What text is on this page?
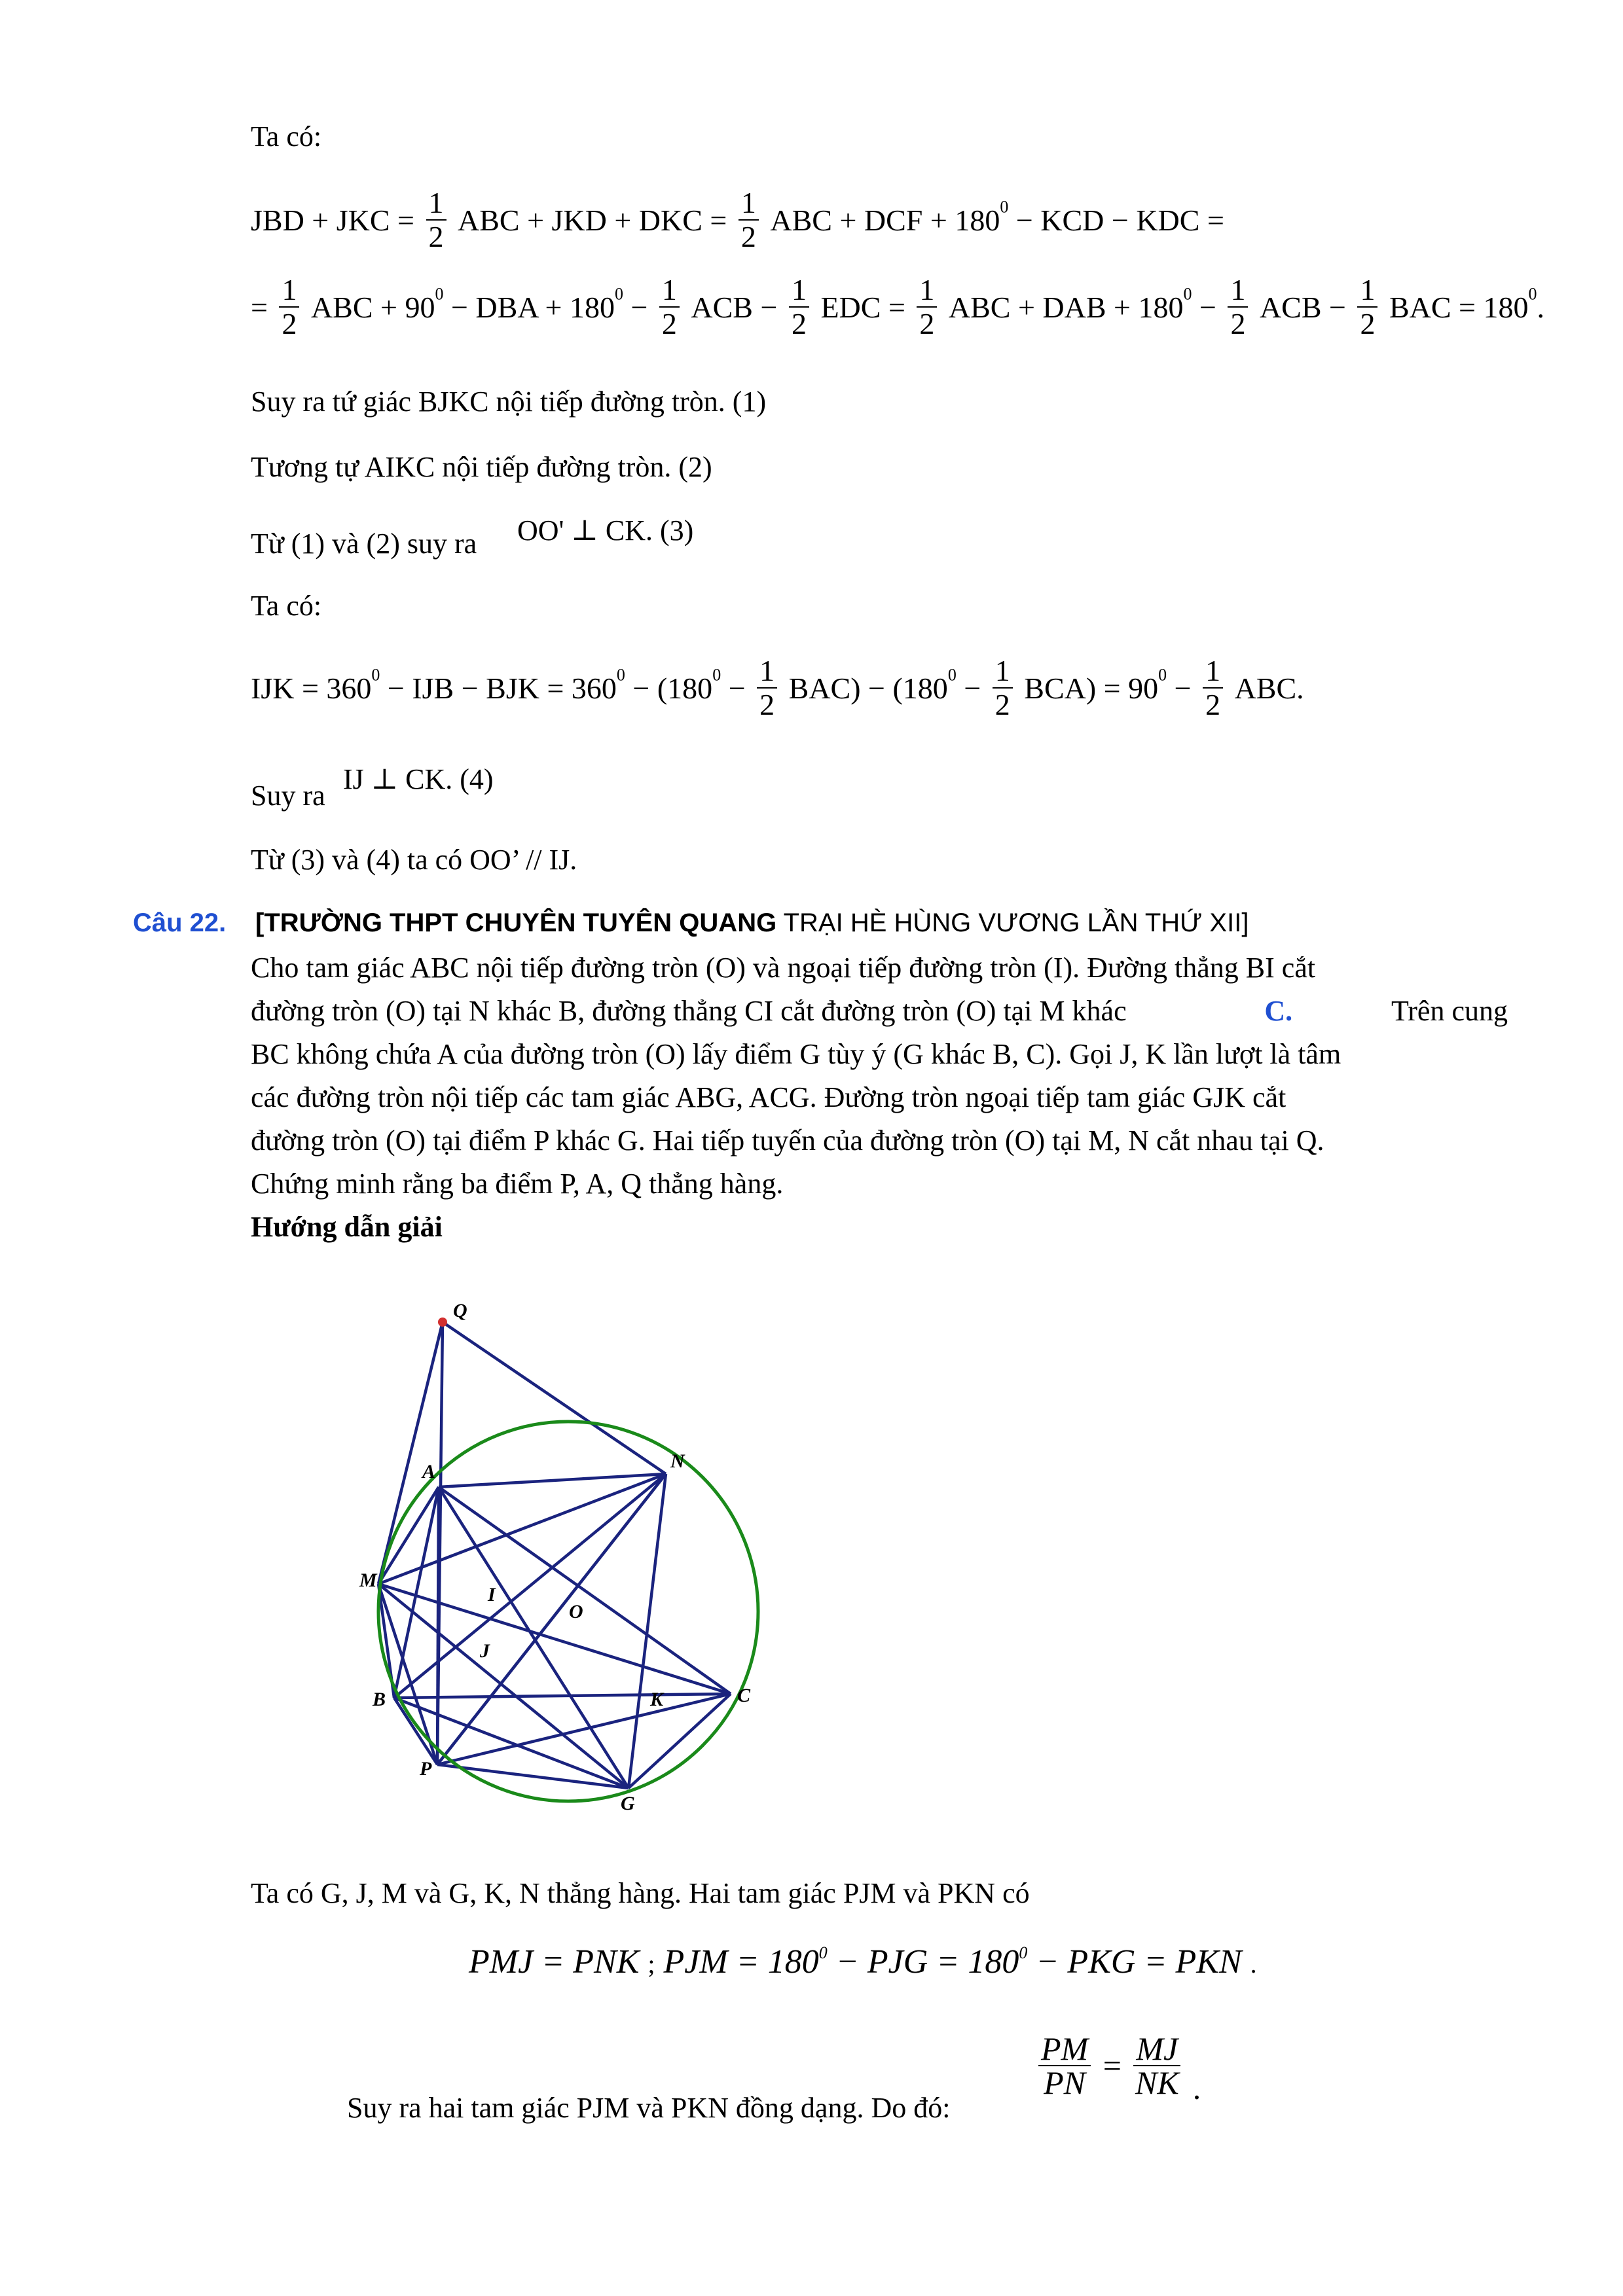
Ta có:
JBD + JKC = $\frac{1}{2}$ ABC + JKD + DKC = $\frac{1}{2}$ ABC + DCF + $180^0$ − KCD − KDC =
= $\frac{1}{2}$ ABC + $90^0$ − DBA + $180^0 - \frac{1}{2}$ ACB − $\frac{1}{2}$ EDC = $\frac{1}{2}$ ABC + DAB + $180^0 - \frac{1}{2}$ ACB − $\frac{1}{2}$ BAC = $180^0$.
Suy ra tứ giác BJKC nội tiếp đường tròn. (1)
Tương tự AIKC nội tiếp đường tròn. (2)
Từ (1) và (2) suy ra OO' ⊥ CK. (3)
Ta có:
IJK = $360^0$ − IJB − BJK = $360^0 - (180^0 - \frac{1}{2} BAC) - (180^0 - \frac{1}{2} BCA) = 90^0 - \frac{1}{2}$ ABC.
Suy ra
IJ ⊥ CK. (4)
Từ (3) và (4) ta có OO’ // IJ.
Câu 22. [TRƯỜNG THPT CHUYÊN TUYÊN QUANG TRẠI HÈ HÙNG VƯƠNG LẦN THỨ XII]
Cho tam giác ABC nội tiếp đường tròn (O) và ngoại tiếp đường tròn (I). Đường thẳng BI cắt
đường tròn (O) tại N khác B, đường thẳng CI cắt đường tròn (O) tại M khác	C.	Trên cung
BC không chứa A của đường tròn (O) lấy điểm G tùy ý (G khác B, C). Gọi J, K lần lượt là tâm
các đường tròn nội tiếp các tam giác ABG, ACG. Đường tròn ngoại tiếp tam giác GJK cắt
đường tròn (O) tại điểm P khác G. Hai tiếp tuyến của đường tròn (O) tại M, N cắt nhau tại Q.
Chứng minh rằng ba điểm P, A, Q thẳng hàng.
Hướng dẫn giải
Q
A	N
M
I
O
J
B	K	C
P
G
Ta có G, J, M và G, K, N thẳng hàng. Hai tam giác PJM và PKN có
PMJ = PNK ; PJM = $180^0$ − PJG = $180^0$ − PKG = PKN .
Suy ra hai tam giác PJM và PKN đồng dạng. Do đó:
$\frac{PM}{PN} = \frac{MJ}{NK}$ .
